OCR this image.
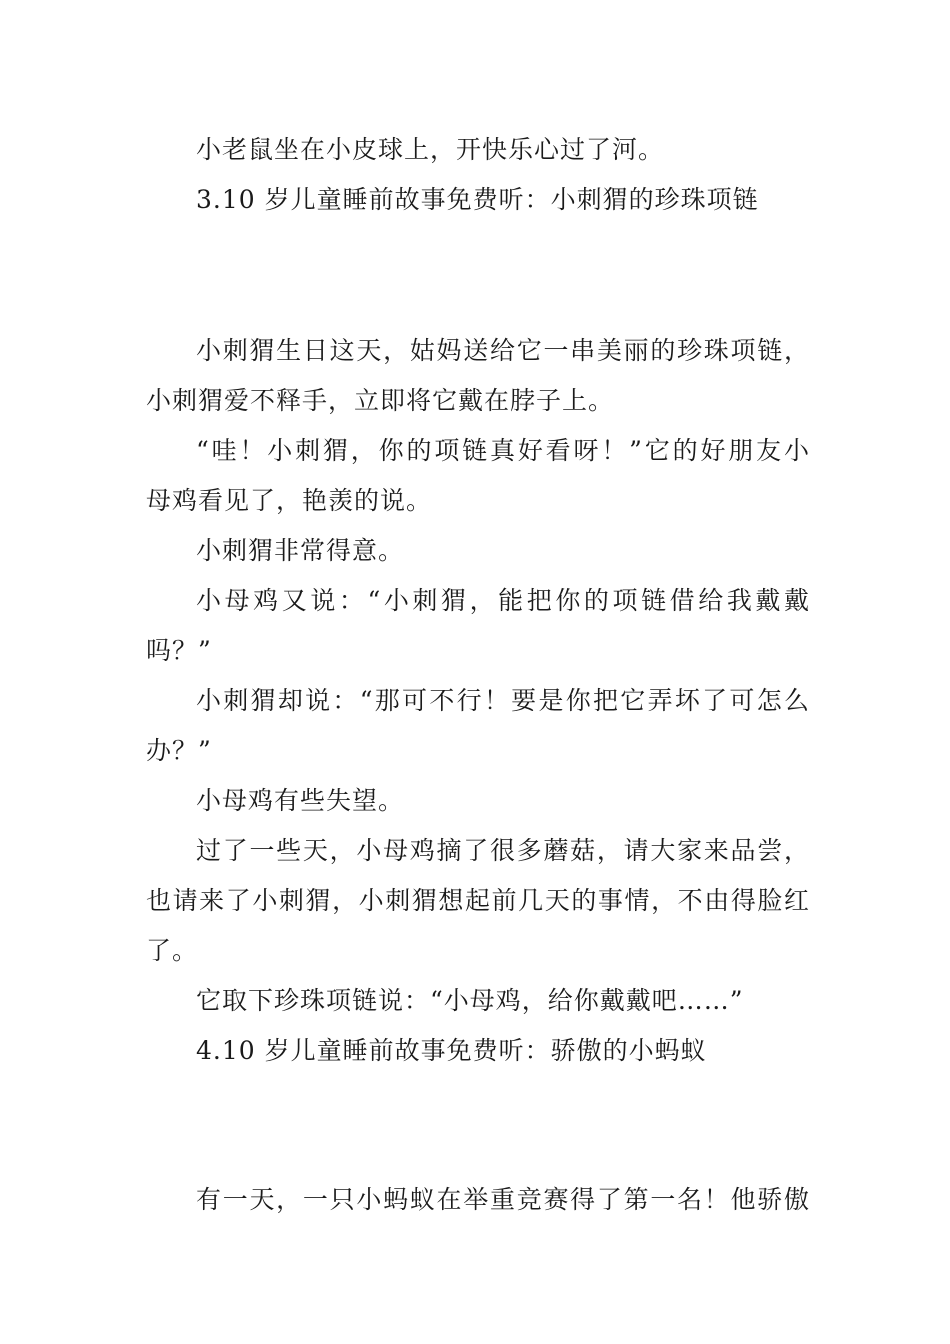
小老鼠坐在小皮球上，开快乐心过了河。
3.10 岁儿童睡前故事免费听：小刺猬的珍珠项链
小刺猬生日这天，姑妈送给它一串美丽的珍珠项链，
小刺猬爱不释手，立即将它戴在脖子上。
“哇！小刺猬，你的项链真好看呀！”它的好朋友小
母鸡看见了，艳羡的说。
小刺猬非常得意。
小母鸡又说：“小刺猬，能把你的项链借给我戴戴
吗？”
小刺猬却说：“那可不行！要是你把它弄坏了可怎么
办？”
小母鸡有些失望。
过了一些天，小母鸡摘了很多蘑菇，请大家来品尝，
也请来了小刺猬，小刺猬想起前几天的事情，不由得脸红
了。
它取下珍珠项链说：“小母鸡，给你戴戴吧……”
4.10 岁儿童睡前故事免费听：骄傲的小蚂蚁
有一天，一只小蚂蚁在举重竞赛得了第一名！他骄傲
